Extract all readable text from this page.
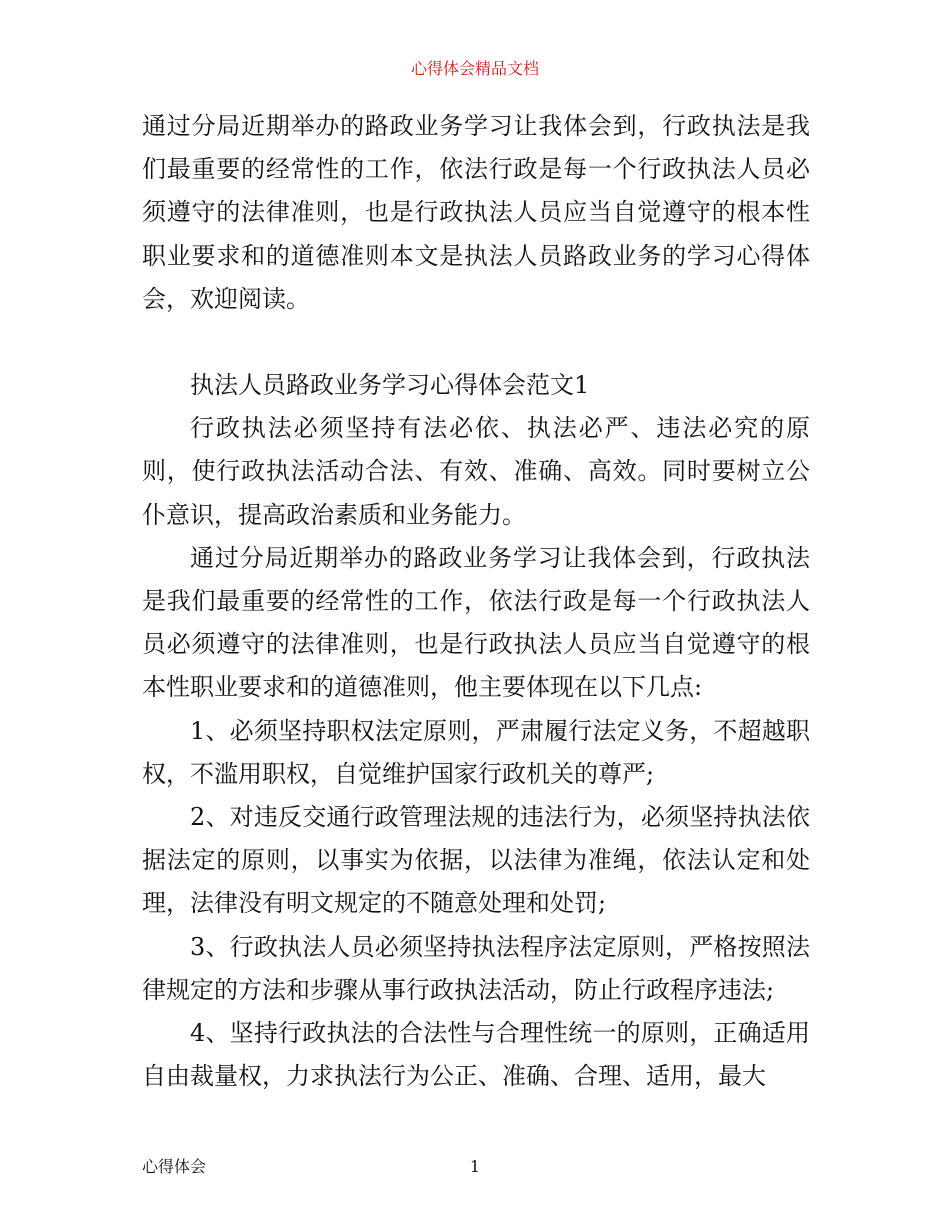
心得体会精品文档

通过分局近期举办的路政业务学习让我体会到，行政执法是我们最重要的经常性的工作，依法行政是每一个行政执法人员必须遵守的法律准则，也是行政执法人员应当自觉遵守的根本性职业要求和的道德准则本文是执法人员路政业务的学习心得体会，欢迎阅读。

执法人员路政业务学习心得体会范文1

行政执法必须坚持有法必依、执法必严、违法必究的原则，使行政执法活动合法、有效、准确、高效。同时要树立公仆意识，提高政治素质和业务能力。

通过分局近期举办的路政业务学习让我体会到，行政执法是我们最重要的经常性的工作，依法行政是每一个行政执法人员必须遵守的法律准则，也是行政执法人员应当自觉遵守的根本性职业要求和的道德准则，他主要体现在以下几点:

1、必须坚持职权法定原则，严肃履行法定义务，不超越职权，不滥用职权，自觉维护国家行政机关的尊严;

2、对违反交通行政管理法规的违法行为，必须坚持执法依据法定的原则，以事实为依据，以法律为准绳，依法认定和处理，法律没有明文规定的不随意处理和处罚;

3、行政执法人员必须坚持执法程序法定原则，严格按照法律规定的方法和步骤从事行政执法活动，防止行政程序违法;

4、坚持行政执法的合法性与合理性统一的原则，正确适用自由裁量权，力求执法行为公正、准确、合理、适用，最大

心得体会	1
